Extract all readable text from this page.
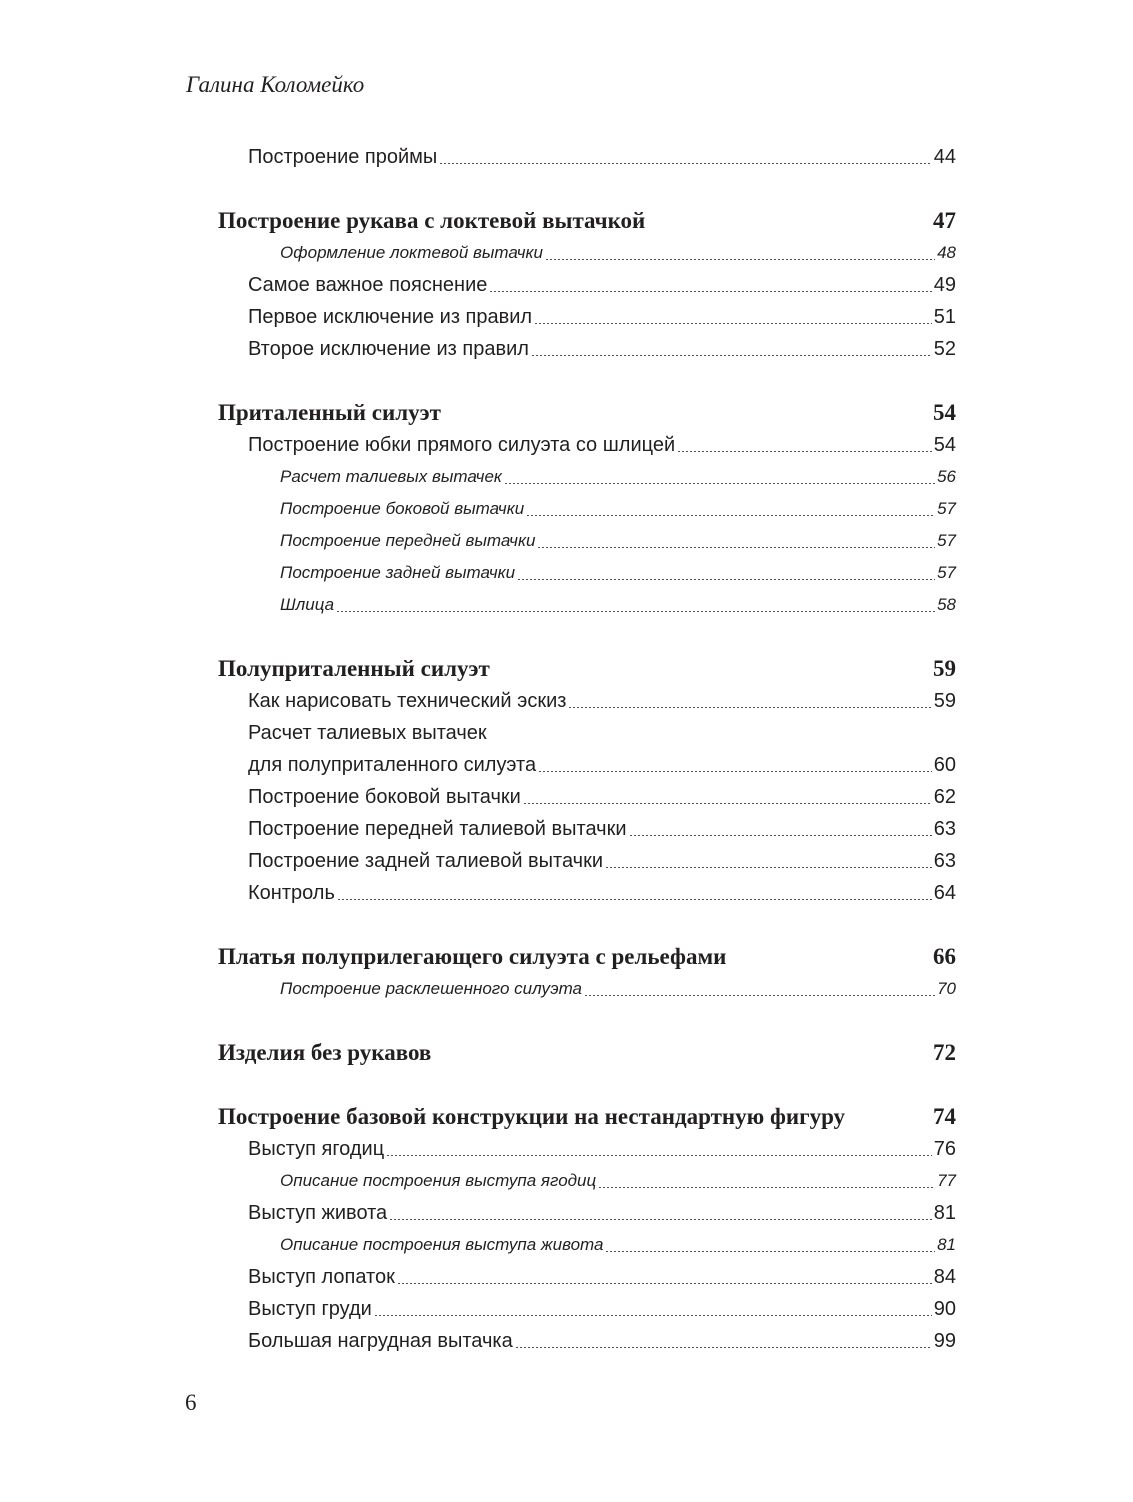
Галина Коломейко
Построение проймы	44
Построение рукава с локтевой вытачкой	47
Оформление локтевой вытачки	48
Самое важное пояснение	49
Первое исключение из правил	51
Второе исключение из правил	52
Приталенный силуэт	54
Построение юбки прямого силуэта со шлицей	54
Расчет талиевых вытачек	56
Построение боковой вытачки	57
Построение передней вытачки	57
Построение задней вытачки	57
Шлица	58
Полуприталенный силуэт	59
Как нарисовать технический эскиз	59
Расчет талиевых вытачек
для полуприталенного силуэта	60
Построение боковой вытачки	62
Построение передней талиевой вытачки	63
Построение задней талиевой вытачки	63
Контроль	64
Платья полуприлегающего силуэта с рельефами	66
Построение расклешенного силуэта	70
Изделия без рукавов	72
Построение базовой конструкции на нестандартную фигуру	74
Выступ ягодиц	76
Описание построения выступа ягодиц	77
Выступ живота	81
Описание построения выступа живота	81
Выступ лопаток	84
Выступ груди	90
Большая нагрудная вытачка	99
6
